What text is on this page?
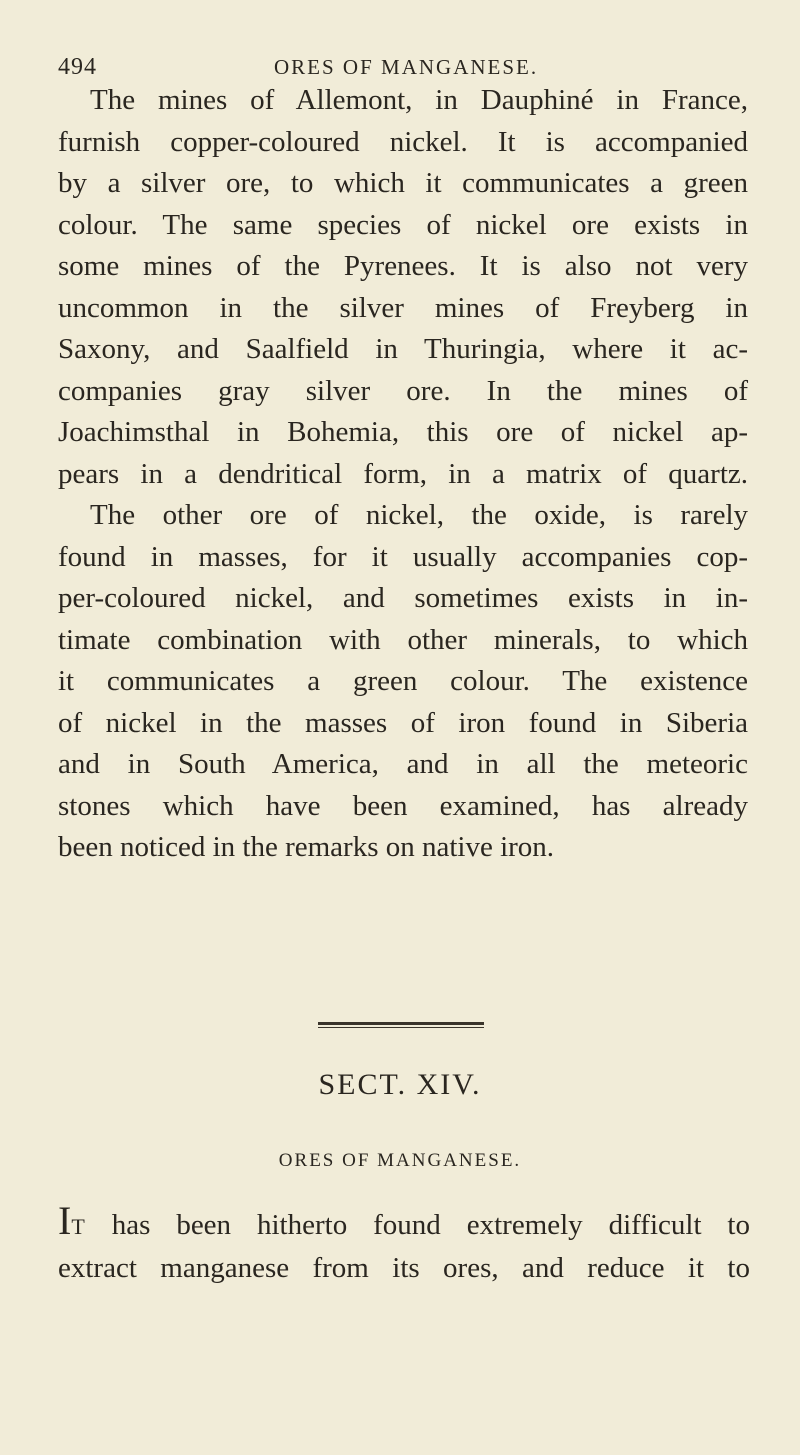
494	ORES OF MANGANESE.
The mines of Allemont, in Dauphiné in France,
furnish copper-coloured nickel. It is accompanied
by a silver ore, to which it communicates a green
colour. The same species of nickel ore exists in
some mines of the Pyrenees. It is also not very
uncommon in the silver mines of Freyberg in
Saxony, and Saalfield in Thuringia, where it ac-
companies gray silver ore. In the mines of
Joachimsthal in Bohemia, this ore of nickel ap-
pears in a dendritical form, in a matrix of quartz.
The other ore of nickel, the oxide, is rarely
found in masses, for it usually accompanies cop-
per-coloured nickel, and sometimes exists in in-
timate combination with other minerals, to which
it communicates a green colour. The existence
of nickel in the masses of iron found in Siberia
and in South America, and in all the meteoric
stones which have been examined, has already
been noticed in the remarks on native iron.
SECT. XIV.
ORES OF MANGANESE.
IT has been hitherto found extremely difficult to
extract manganese from its ores, and reduce it to
